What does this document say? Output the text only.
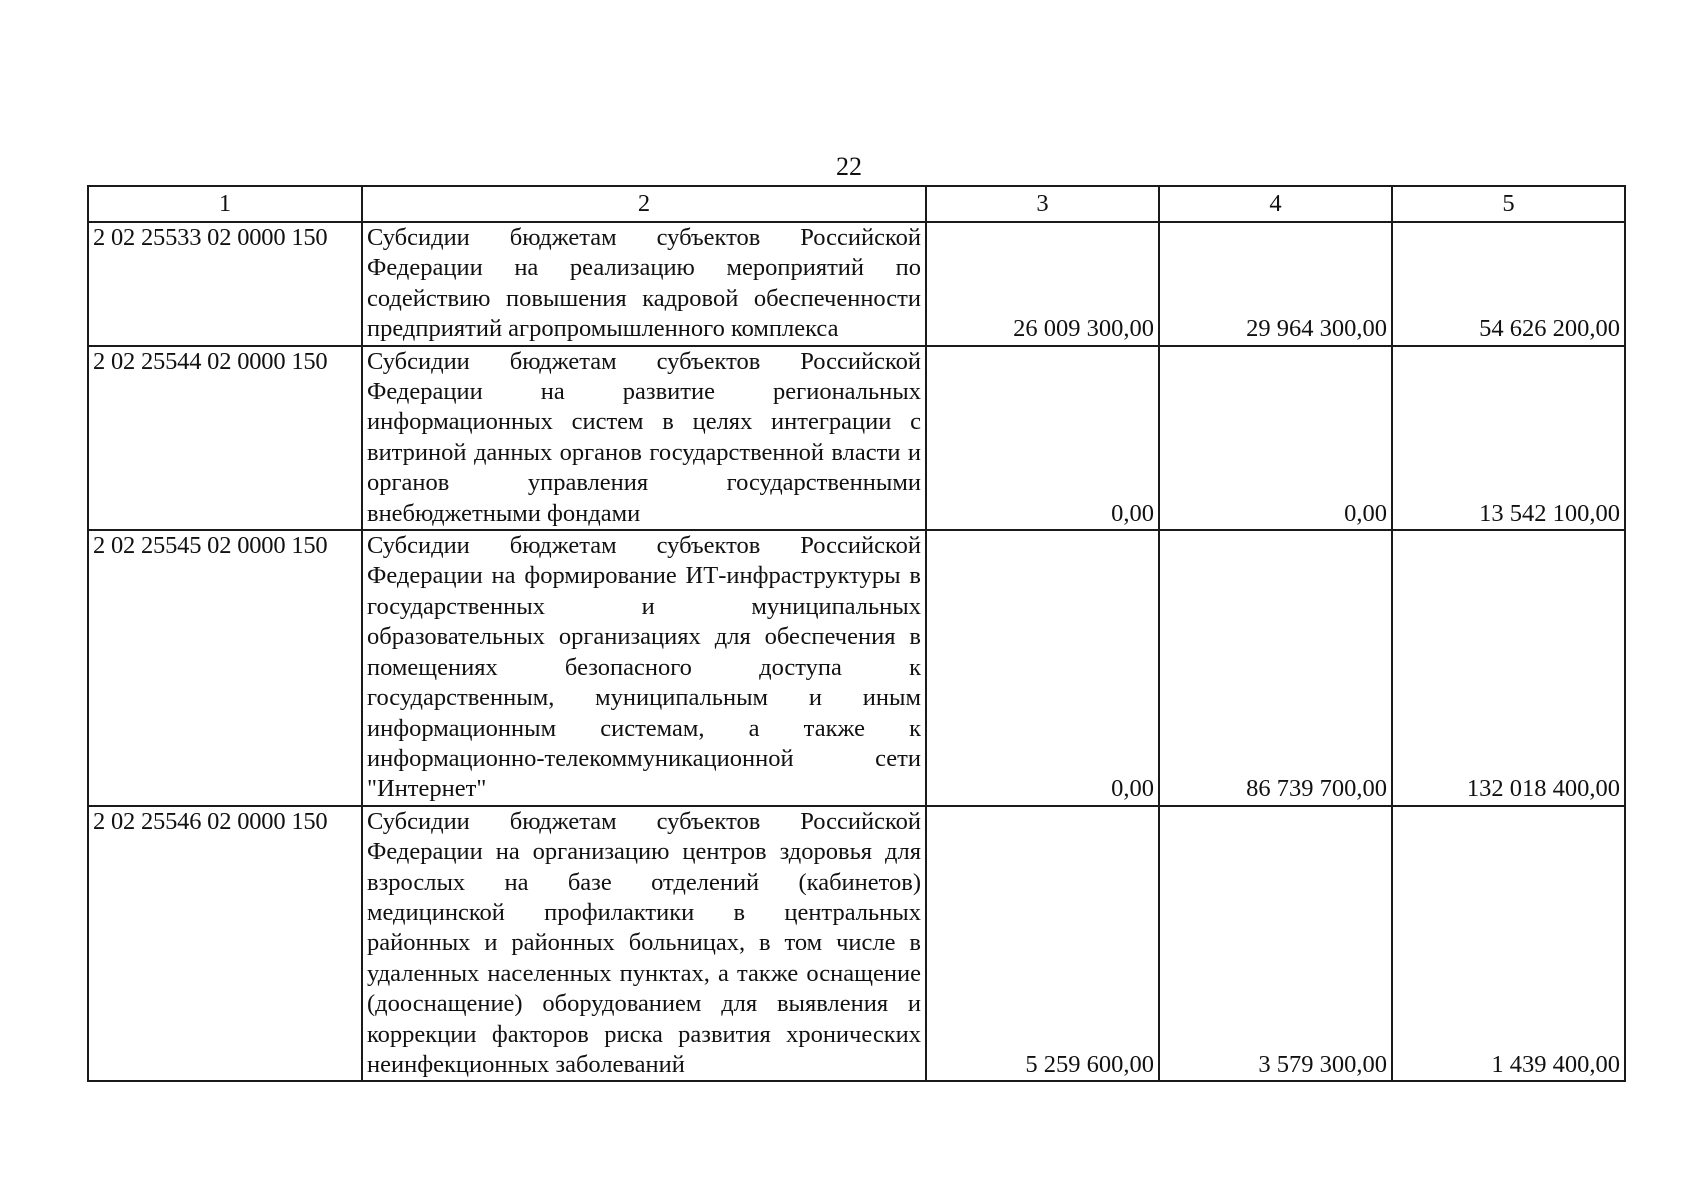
22
1	2	3	4	5
2 02 25533 02 0000 150	Субсидии бюджетам субъектов Российской Федерации на реализацию мероприятий по содействию повышения кадровой обеспеченности предприятий агропромышленного комплекса	26 009 300,00	29 964 300,00	54 626 200,00
2 02 25544 02 0000 150	Субсидии бюджетам субъектов Российской Федерации на развитие региональных информационных систем в целях интеграции с витриной данных органов государственной власти и органов управления государственными внебюджетными фондами	0,00	0,00	13 542 100,00
2 02 25545 02 0000 150	Субсидии бюджетам субъектов Российской Федерации на формирование ИТ-инфраструктуры в государственных и муниципальных образовательных организациях для обеспечения в помещениях безопасного доступа к государственным, муниципальным и иным информационным системам, а также к информационно-телекоммуникационной сети "Интернет"	0,00	86 739 700,00	132 018 400,00
2 02 25546 02 0000 150	Субсидии бюджетам субъектов Российской Федерации на организацию центров здоровья для взрослых на базе отделений (кабинетов) медицинской профилактики в центральных районных и районных больницах, в том числе в удаленных населенных пунктах, а также оснащение (дооснащение) оборудованием для выявления и коррекции факторов риска развития хронических неинфекционных заболеваний	5 259 600,00	3 579 300,00	1 439 400,00
